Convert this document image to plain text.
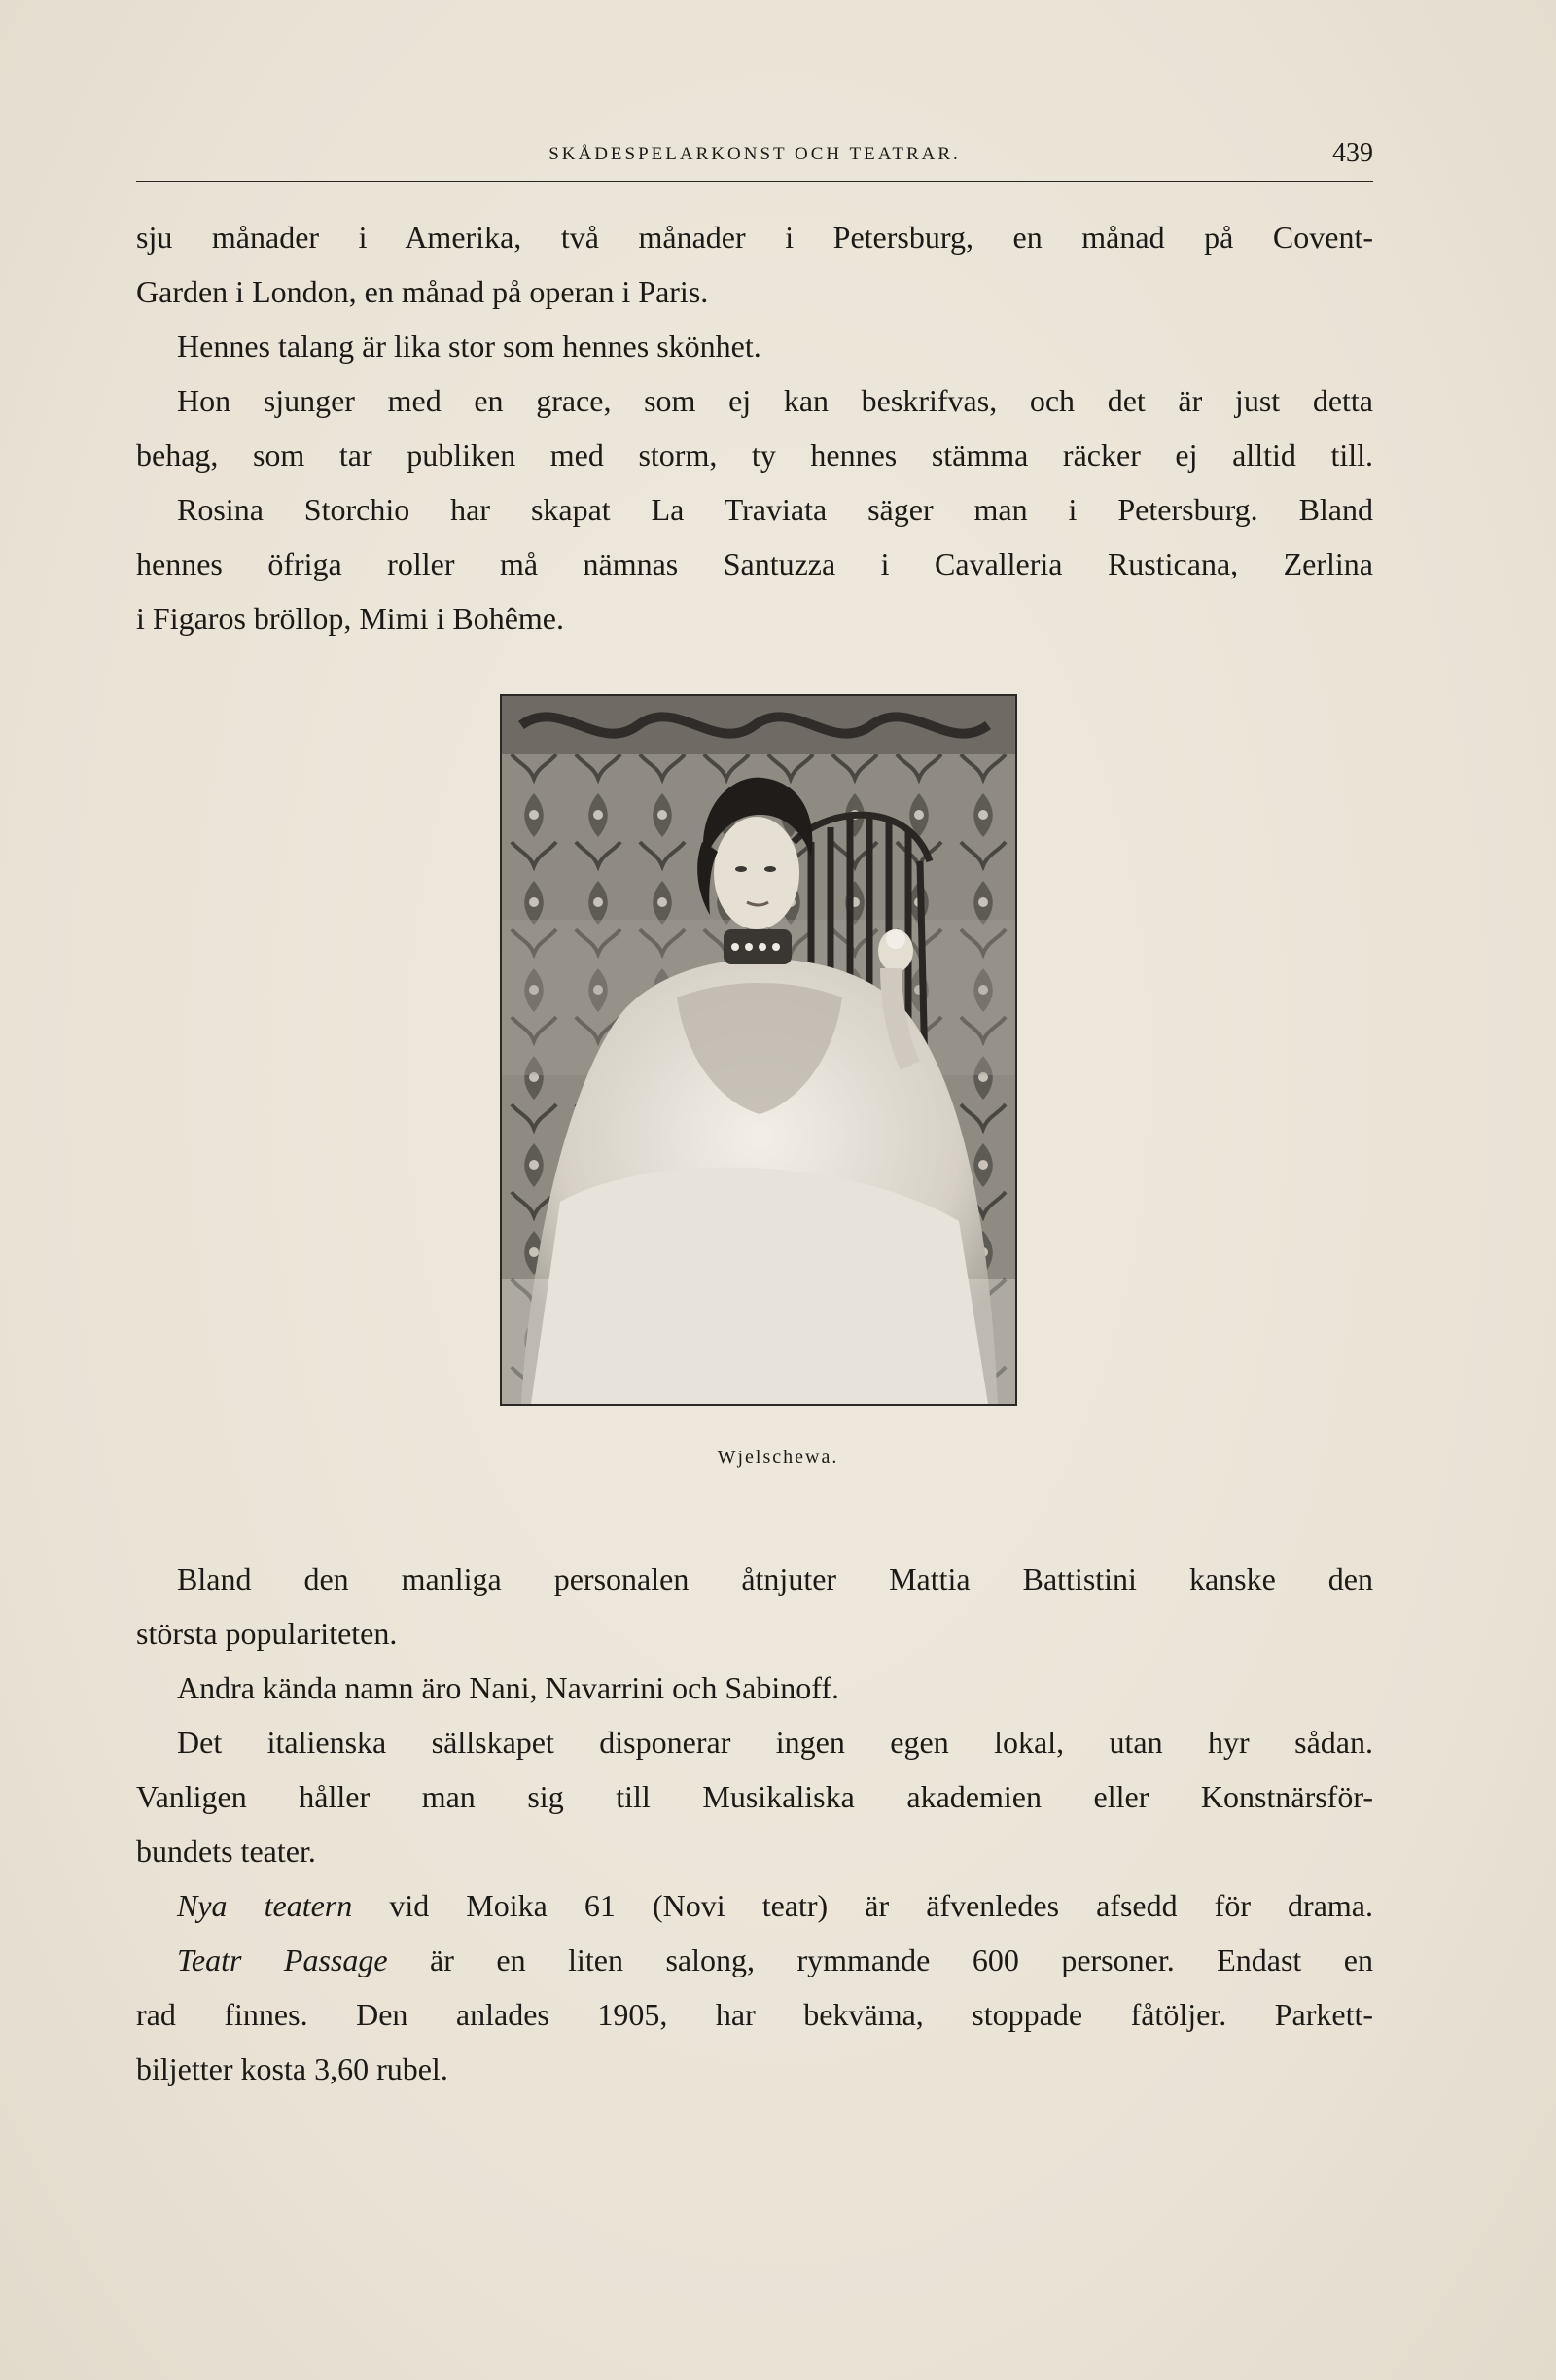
SKÅDESPELARKONST OCH TEATRAR.	439
sju månader i Amerika, två månader i Petersburg, en månad på Covent-
Garden i London, en månad på operan i Paris.
Hennes talang är lika stor som hennes skönhet.
Hon sjunger med en grace, som ej kan beskrifvas, och det är just detta
behag, som tar publiken med storm, ty hennes stämma räcker ej alltid till.
Rosina Storchio har skapat La Traviata säger man i Petersburg. Bland
hennes öfriga roller må nämnas Santuzza i Cavalleria Rusticana, Zerlina
i Figaros bröllop, Mimi i Bohême.
Wjelschewa.
Bland den manliga personalen åtnjuter Mattia Battistini kanske den
största populariteten.
Andra kända namn äro Nani, Navarrini och Sabinoff.
Det italienska sällskapet disponerar ingen egen lokal, utan hyr sådan.
Vanligen håller man sig till Musikaliska akademien eller Konstnärsför-
bundets teater.
Nya teatern vid Moika 61 (Novi teatr) är äfvenledes afsedd för drama.
Teatr Passage är en liten salong, rymmande 600 personer. Endast en
rad finnes. Den anlades 1905, har bekväma, stoppade fåtöljer. Parkett-
biljetter kosta 3,60 rubel.
